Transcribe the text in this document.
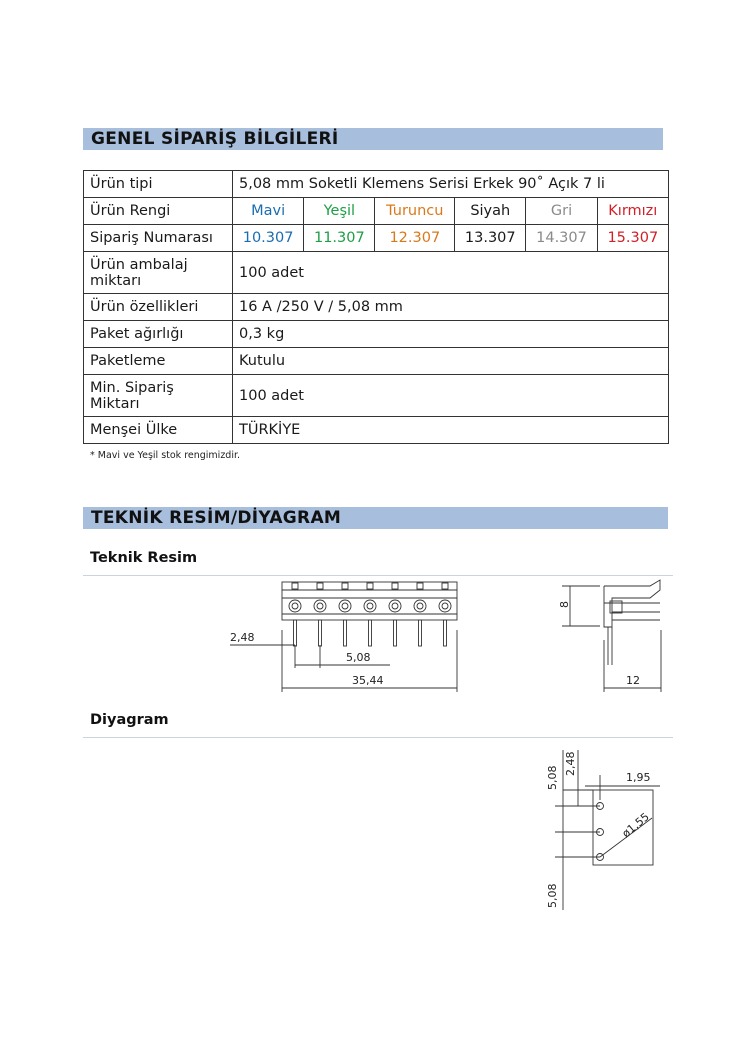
GENEL SİPARİŞ BİLGİLERİ
Ürün tipi	5,08 mm Soketli Klemens Serisi Erkek 90˚ Açık 7 li					
Ürün Rengi	Mavi	Yeşil	Turuncu	Siyah	Gri	Kırmızı
Sipariş Numarası	10.307	11.307	12.307	13.307	14.307	15.307

Ürün ambalaj
miktarı	100 adet					
Ürün özellikleri	16 A /250 V / 5,08 mm					
Paket ağırlığı	0,3 kg					
Paketleme	Kutulu					

Min. Sipariş
Miktarı	100 adet					
Menşei Ülke	TÜRKİYE					
* Mavi ve Yeşil stok rengimizdir.
TEKNİK RESİM/DİYAGRAM
Teknik Resim
Diyagram
2,48
5,08
35,44
8
12
5,08
2,48
1,95
ø1,55
5,08
